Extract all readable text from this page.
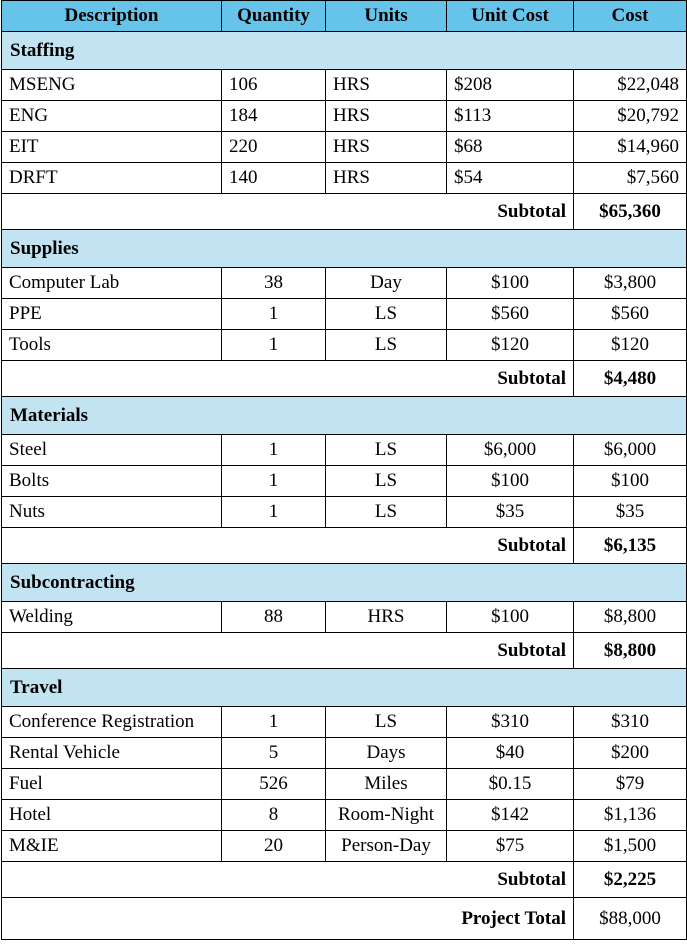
Description	Quantity	Units	Unit Cost	Cost
Staffing				
MSENG	106	HRS	$208	$22,048
ENG	184	HRS	$113	$20,792
EIT	220	HRS	$68	$14,960
DRFT	140	HRS	$54	$7,560
Subtotal				$65,360
Supplies				
Computer Lab	38	Day	$100	$3,800
PPE	1	LS	$560	$560
Tools	1	LS	$120	$120
Subtotal				$4,480
Materials				
Steel	1	LS	$6,000	$6,000
Bolts	1	LS	$100	$100
Nuts	1	LS	$35	$35
Subtotal				$6,135
Subcontracting				
Welding	88	HRS	$100	$8,800
Subtotal				$8,800
Travel				
Conference Registration	1	LS	$310	$310
Rental Vehicle	5	Days	$40	$200
Fuel	526	Miles	$0.15	$79
Hotel	8	Room-Night	$142	$1,136
M&IE	20	Person-Day	$75	$1,500
Subtotal				$2,225
Project Total				$88,000
